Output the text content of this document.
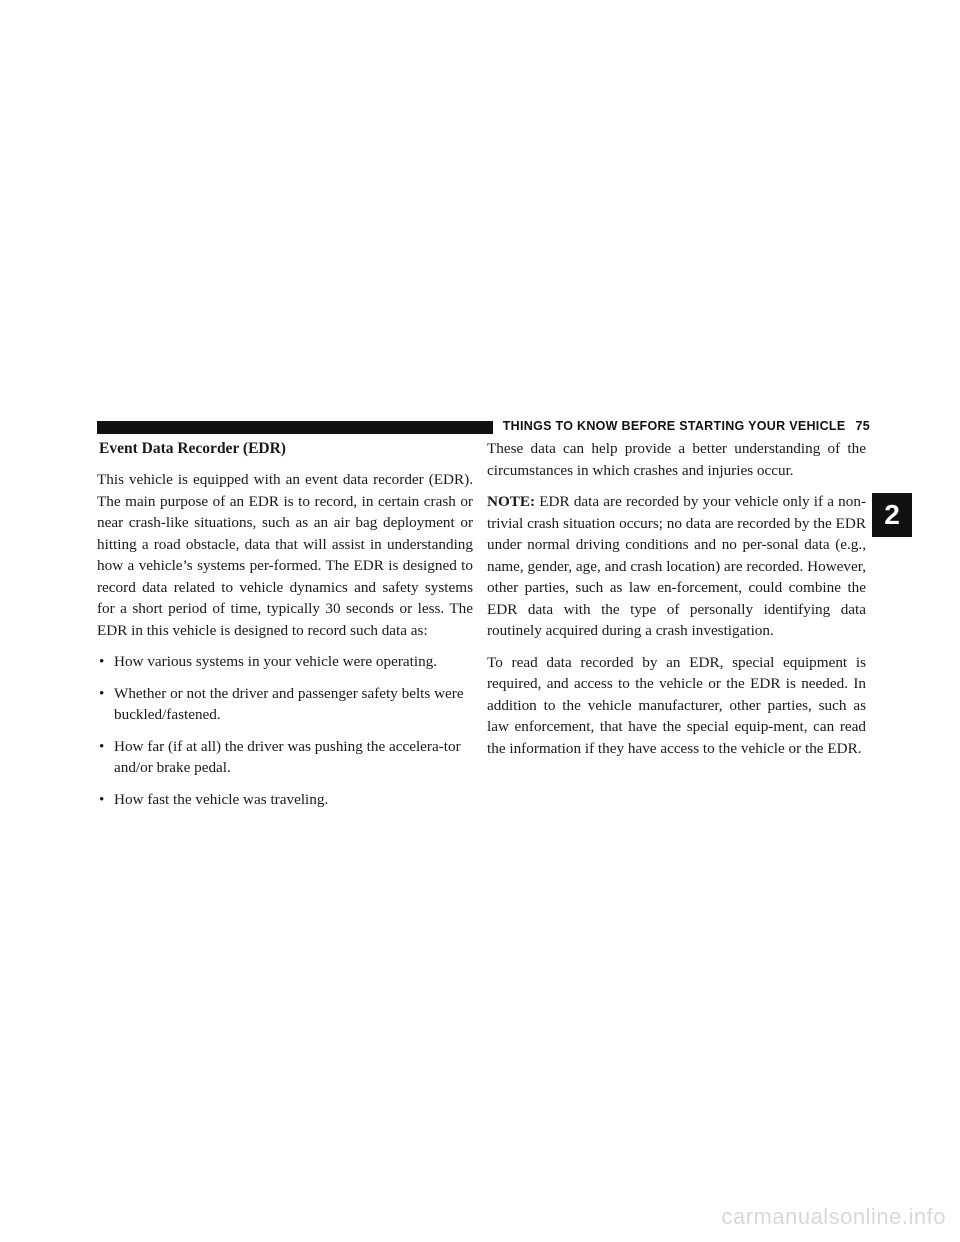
THINGS TO KNOW BEFORE STARTING YOUR VEHICLE 75
2
Event Data Recorder (EDR)

This vehicle is equipped with an event data recorder (EDR). The main purpose of an EDR is to record, in certain crash or near crash-like situations, such as an air bag deployment or hitting a road obstacle, data that will assist in understanding how a vehicle’s systems per-formed. The EDR is designed to record data related to vehicle dynamics and safety systems for a short period of time, typically 30 seconds or less. The EDR in this vehicle is designed to record such data as:

• How various systems in your vehicle were operating.
• Whether or not the driver and passenger safety belts were buckled/fastened.
• How far (if at all) the driver was pushing the accelera-tor and/or brake pedal.
• How fast the vehicle was traveling.

These data can help provide a better understanding of the circumstances in which crashes and injuries occur.

NOTE: EDR data are recorded by your vehicle only if a non-trivial crash situation occurs; no data are recorded by the EDR under normal driving conditions and no per-sonal data (e.g., name, gender, age, and crash location) are recorded. However, other parties, such as law en-forcement, could combine the EDR data with the type of personally identifying data routinely acquired during a crash investigation.

To read data recorded by an EDR, special equipment is required, and access to the vehicle or the EDR is needed. In addition to the vehicle manufacturer, other parties, such as law enforcement, that have the special equip-ment, can read the information if they have access to the vehicle or the EDR.

carmanualsonline.info
